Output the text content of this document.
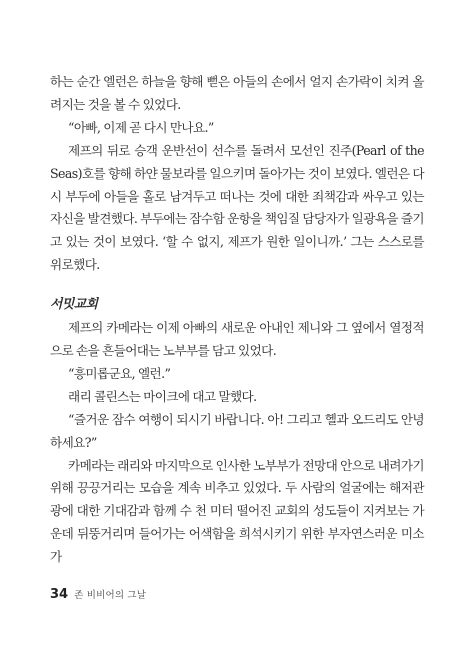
하는 순간 엘런은 하늘을 향해 뻗은 아들의 손에서 얼지 손가락이 치켜 올려지는 것을 볼 수 있었다.

“아빠, 이제 곧 다시 만나요.”

제프의 뒤로 승객 운반선이 선수를 돌려서 모선인 진주(Pearl of the Seas)호를 향해 하얀 물보라를 일으키며 돌아가는 것이 보였다. 엘런은 다시 부두에 아들을 홀로 남겨두고 떠나는 것에 대한 죄책감과 싸우고 있는 자신을 발견했다. 부두에는 잠수함 운항을 책임질 담당자가 일광욕을 즐기고 있는 것이 보였다. ‘할 수 없지, 제프가 원한 일이니까.’ 그는 스스로를 위로했다.

서밋교회

제프의 카메라는 이제 아빠의 새로운 아내인 제니와 그 옆에서 열정적으로 손을 흔들어대는 노부부를 담고 있었다.

“흥미롭군요, 엘런.”

래리 콜린스는 마이크에 대고 말했다.

“즐거운 잠수 여행이 되시기 바랍니다. 아! 그리고 헬과 오드리도 안녕하세요?”

카메라는 래리와 마지막으로 인사한 노부부가 전망대 안으로 내려가기 위해 끙끙거리는 모습을 계속 비추고 있었다. 두 사람의 얼굴에는 해저관광에 대한 기대감과 함께 수 천 미터 떨어진 교회의 성도들이 지켜보는 가운데 뒤뚱거리며 들어가는 어색함을 희석시키기 위한 부자연스러운 미소가

34 존 비비어의 그날
